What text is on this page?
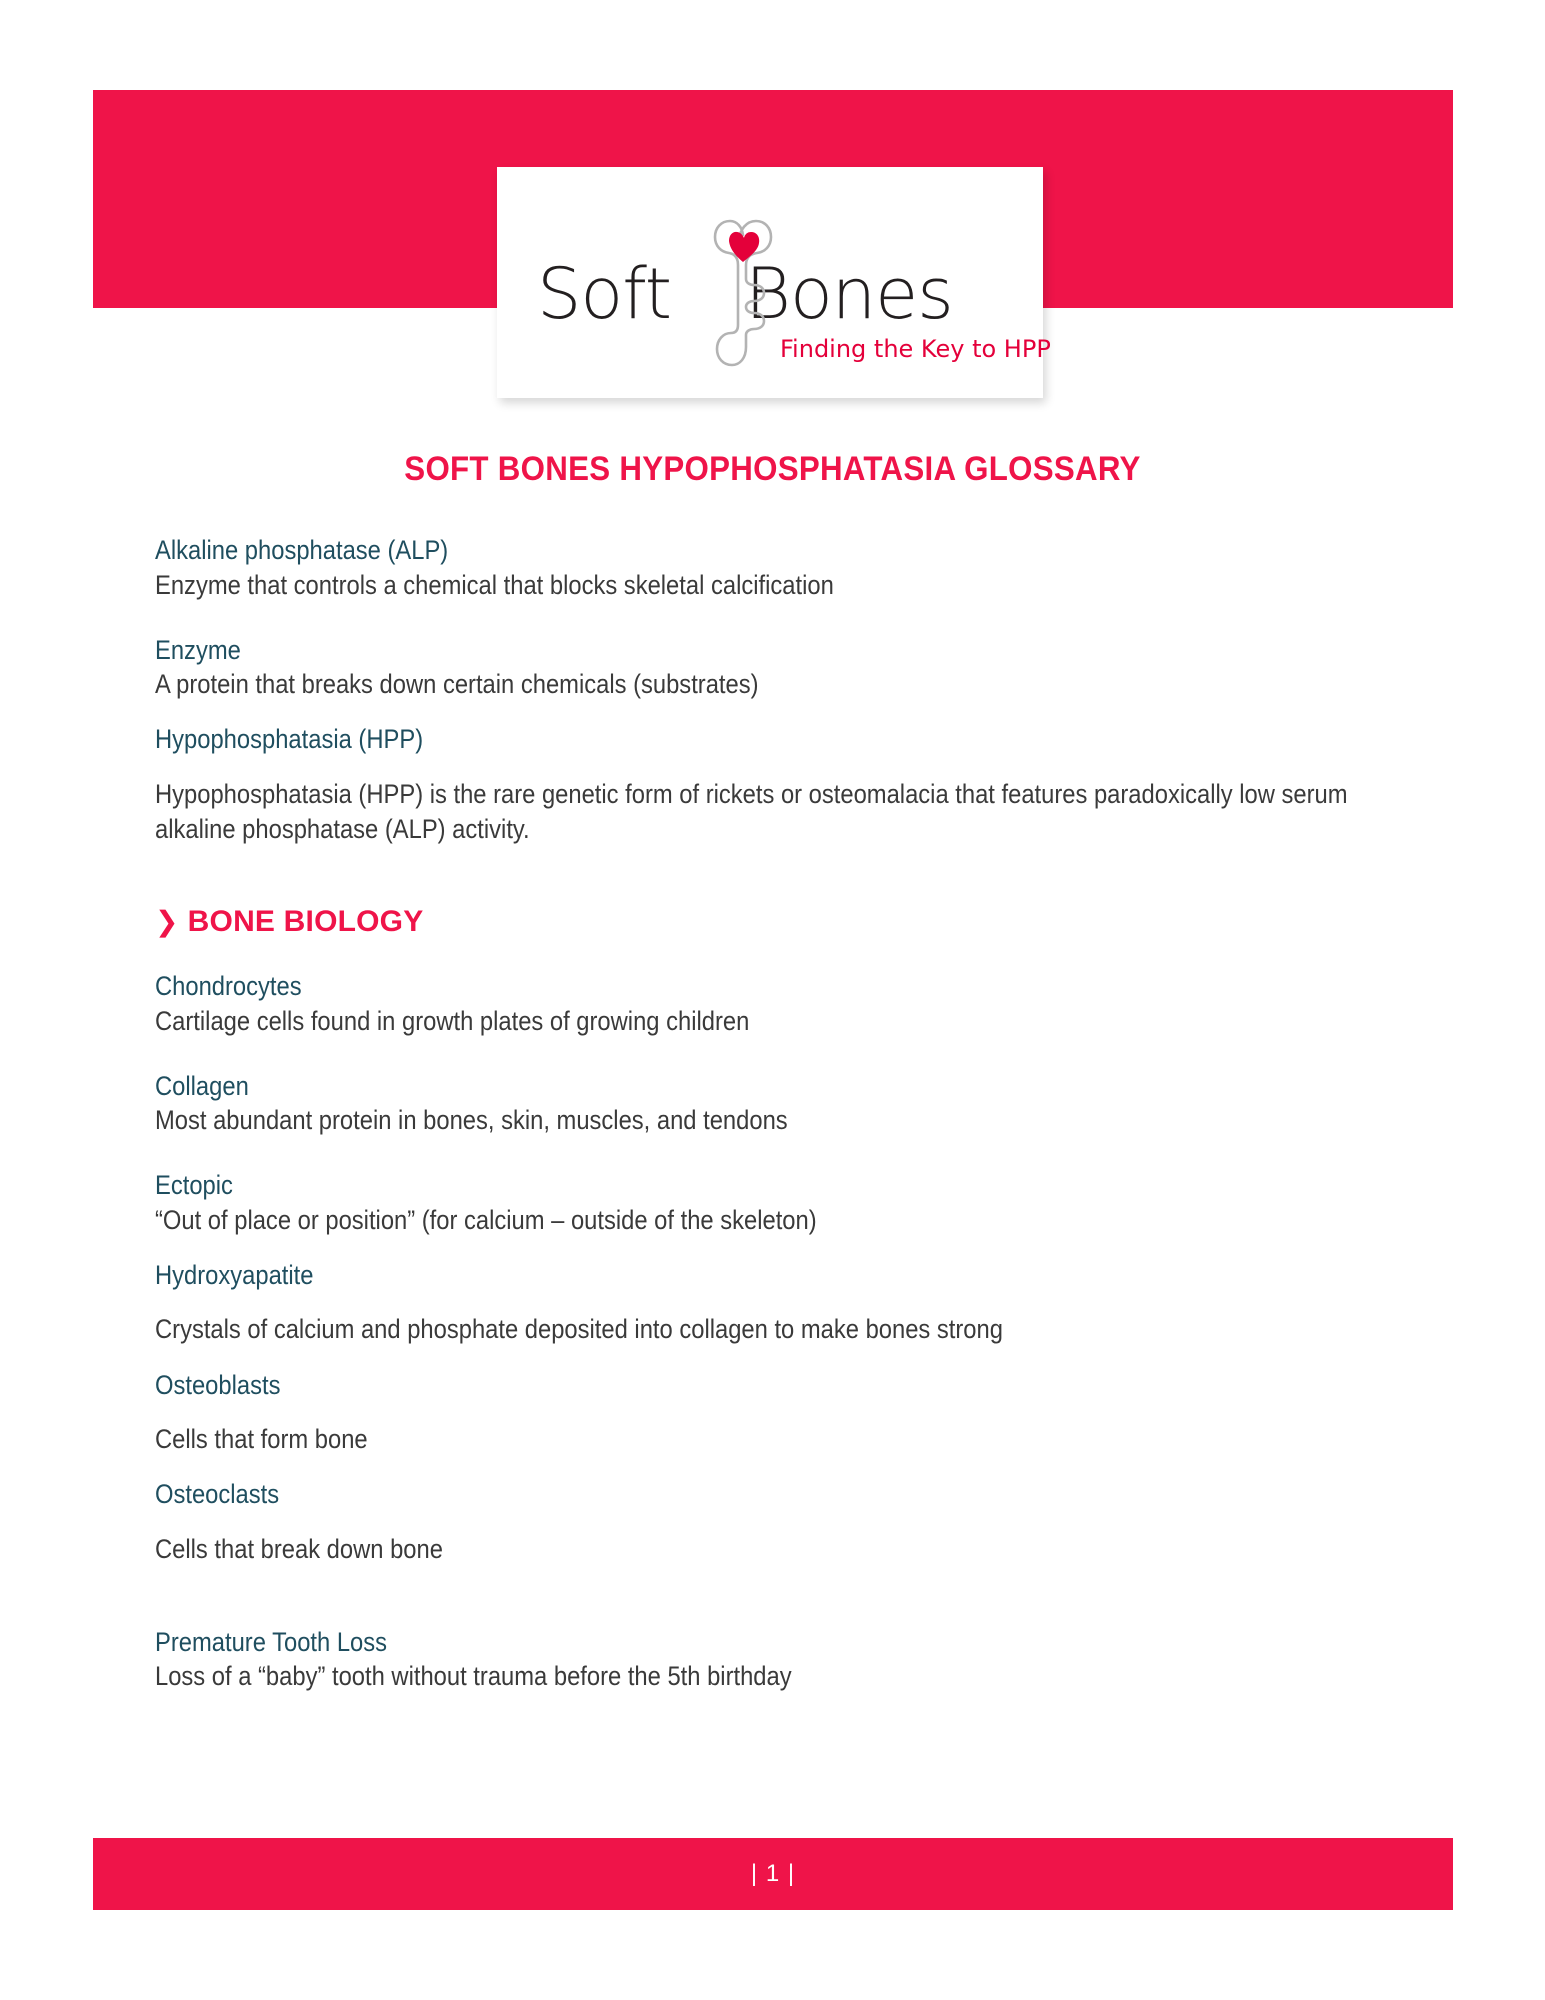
Soft Bones
Finding the Key to HPP
SOFT BONES HYPOPHOSPHATASIA GLOSSARY
Alkaline phosphatase (ALP)
Enzyme that controls a chemical that blocks skeletal calcification
Enzyme
A protein that breaks down certain chemicals (substrates)
Hypophosphatasia (HPP)
Hypophosphatasia (HPP) is the rare genetic form of rickets or osteomalacia that features paradoxically low serum alkaline phosphatase (ALP) activity.
❯ BONE BIOLOGY
Chondrocytes
Cartilage cells found in growth plates of growing children
Collagen
Most abundant protein in bones, skin, muscles, and tendons
Ectopic
“Out of place or position” (for calcium – outside of the skeleton)
Hydroxyapatite
Crystals of calcium and phosphate deposited into collagen to make bones strong
Osteoblasts
Cells that form bone
Osteoclasts
Cells that break down bone
Premature Tooth Loss
Loss of a “baby” tooth without trauma before the 5th birthday
| 1 |
